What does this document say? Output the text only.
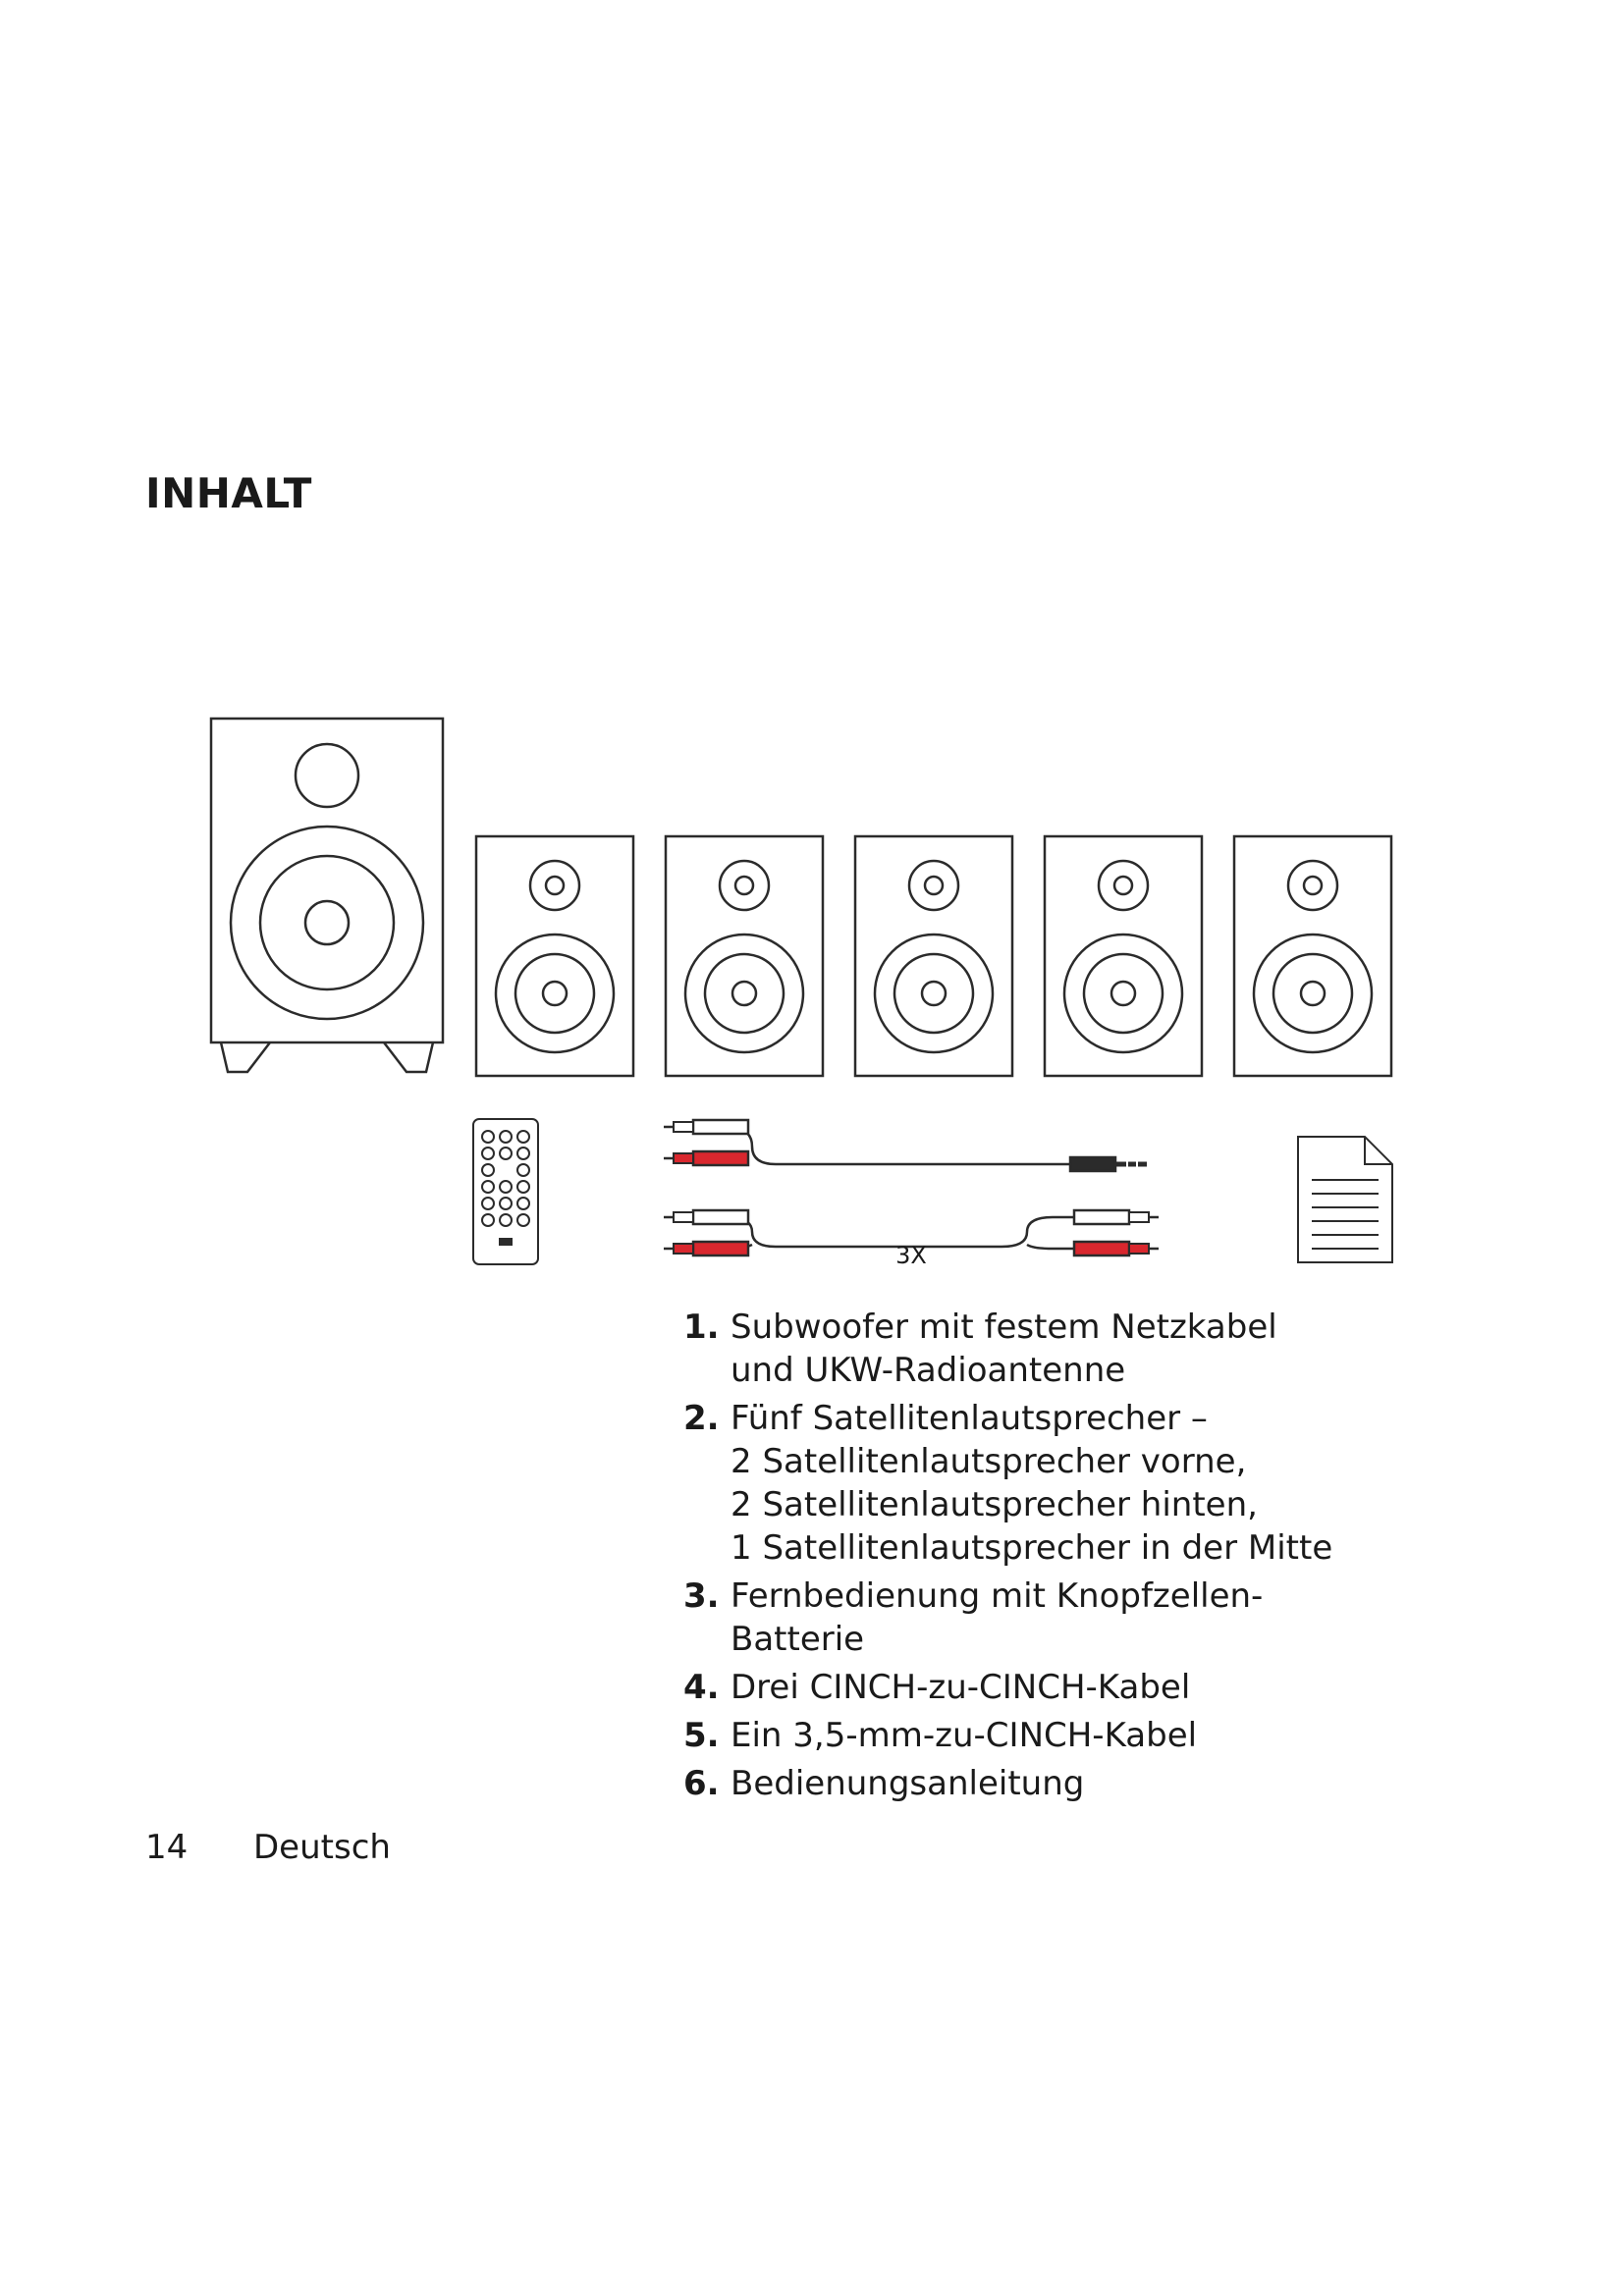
INHALT
3X
1. Subwoofer mit festem Netzkabel
und UKW-Radioantenne
2. Fünf Satellitenlautsprecher –
2 Satellitenlautsprecher vorne,
2 Satellitenlautsprecher hinten,
1 Satellitenlautsprecher in der Mitte
3. Fernbedienung mit Knopfzellen-
Batterie
4. Drei CINCH-zu-CINCH-Kabel
5. Ein 3,5-mm-zu-CINCH-Kabel
6. Bedienungsanleitung
14 Deutsch
